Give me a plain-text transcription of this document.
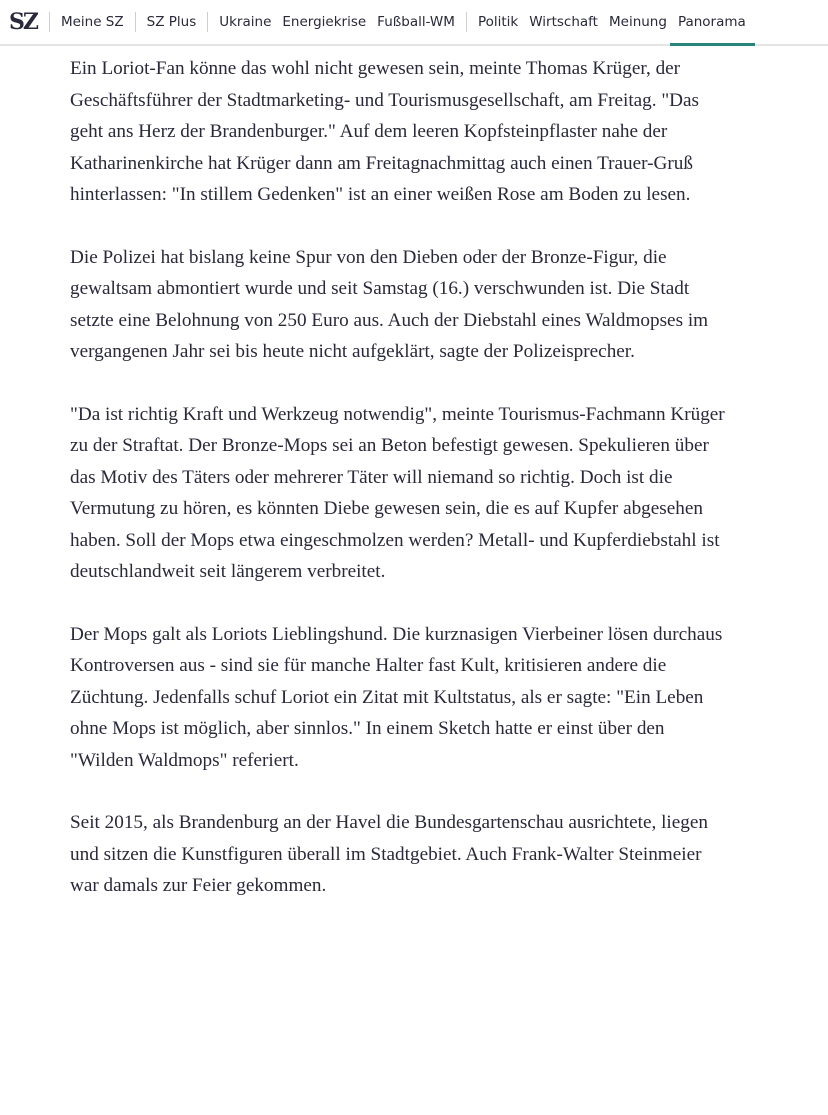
SZ	Meine SZ SZ Plus Ukraine Energiekrise Fußball-WM Politik Wirtschaft Meinung Panorama

Ein Loriot-Fan könne das wohl nicht gewesen sein, meinte Thomas Krüger, der Geschäftsführer der Stadtmarketing- und Tourismusgesellschaft, am Freitag. "Das geht ans Herz der Brandenburger." Auf dem leeren Kopfsteinpflaster nahe der Katharinenkirche hat Krüger dann am Freitagnachmittag auch einen Trauer-Gruß hinterlassen: "In stillem Gedenken" ist an einer weißen Rose am Boden zu lesen.

Die Polizei hat bislang keine Spur von den Dieben oder der Bronze-Figur, die gewaltsam abmontiert wurde und seit Samstag (16.) verschwunden ist. Die Stadt setzte eine Belohnung von 250 Euro aus. Auch der Diebstahl eines Waldmopses im vergangenen Jahr sei bis heute nicht aufgeklärt, sagte der Polizeisprecher.

"Da ist richtig Kraft und Werkzeug notwendig", meinte Tourismus-Fachmann Krüger zu der Straftat. Der Bronze-Mops sei an Beton befestigt gewesen. Spekulieren über das Motiv des Täters oder mehrerer Täter will niemand so richtig. Doch ist die Vermutung zu hören, es könnten Diebe gewesen sein, die es auf Kupfer abgesehen haben. Soll der Mops etwa eingeschmolzen werden? Metall- und Kupferdiebstahl ist deutschlandweit seit längerem verbreitet.

Der Mops galt als Loriots Lieblingshund. Die kurznasigen Vierbeiner lösen durchaus Kontroversen aus - sind sie für manche Halter fast Kult, kritisieren andere die Züchtung. Jedenfalls schuf Loriot ein Zitat mit Kultstatus, als er sagte: "Ein Leben ohne Mops ist möglich, aber sinnlos." In einem Sketch hatte er einst über den "Wilden Waldmops" referiert.

Seit 2015, als Brandenburg an der Havel die Bundesgartenschau ausrichtete, liegen und sitzen die Kunstfiguren überall im Stadtgebiet. Auch Frank-Walter Steinmeier war damals zur Feier gekommen.
